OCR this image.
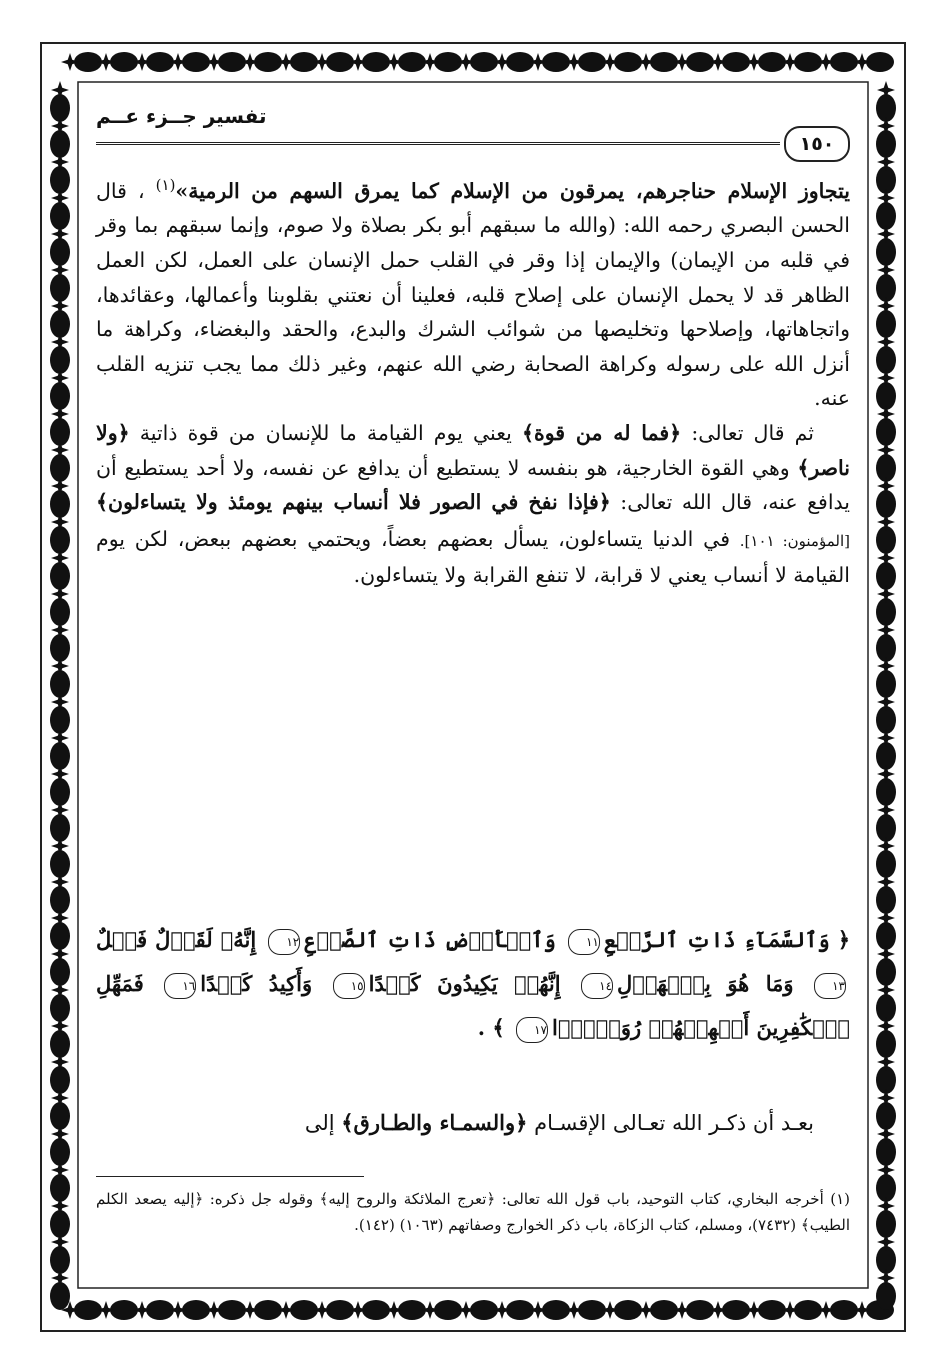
١٥٠
تفسير جــزء عــم

يتجاوز الإسلام حناجرهم، يمرقون من الإسلام كما يمرق السهم من الرمية»$^{(١)}$ ، قال الحسن البصري رحمه الله: (والله ما سبقهم أبو بكر بصلاة ولا صوم، وإنما سبقهم بما وقر في قلبه من الإيمان) والإيمان إذا وقر في القلب حمل الإنسان على العمل، لكن العمل الظاهر قد لا يحمل الإنسان على إصلاح قلبه، فعلينا أن نعتني بقلوبنا وأعمالها، وعقائدها، واتجاهاتها، وإصلاحها وتخليصها من شوائب الشرك والبدع، والحقد والبغضاء، وكراهة ما أنزل الله على رسوله وكراهة الصحابة رضي الله عنهم، وغير ذلك مما يجب تنزيه القلب عنه.

ثم قال تعالى: ﴿فما له من قوة﴾ يعني يوم القيامة ما للإنسان من قوة ذاتية ﴿ولا ناصر﴾ وهي القوة الخارجية، هو بنفسه لا يستطيع أن يدافع عن نفسه، ولا أحد يستطيع أن يدافع عنه، قال الله تعالى: ﴿فإذا نفخ في الصور فلا أنساب بينهم يومئذ ولا يتساءلون﴾ [المؤمنون: ١٠١]. في الدنيا يتساءلون، يسأل بعضهم بعضاً، ويحتمي بعضهم ببعض، لكن يوم القيامة لا أنساب يعني لا قرابة، لا تنفع القرابة ولا يتساءلون.

﴿ وَٱلسَّمَآءِ ذَاتِ ٱلرَّجۡعِ١١ وَٱلۡأَرۡضِ ذَاتِ ٱلصَّدۡعِ١٢ إِنَّهُۥ لَقَوۡلٌ فَصۡلٌ١٣ وَمَا هُوَ بِٱلۡهَزۡلِ١٤ إِنَّهُمۡ يَكِيدُونَ كَيۡدًا١٥ وَأَكِيدُ كَيۡدًا١٦ فَمَهِّلِ ٱلۡكَٰفِرِينَ أَمۡهِلۡهُمۡ رُوَيۡدَۢا١٧ ﴾ .
بعـد أن ذكـر الله تعـالى الإقسـام ﴿والسمـاء والطـارق﴾ إلى
(١) أخرجه البخاري، كتاب التوحيد، باب قول الله تعالى: ﴿تعرج الملائكة والروح إليه﴾ وقوله جل ذكره: ﴿إليه يصعد الكلم الطيب﴾ (٧٤٣٢)، ومسلم، كتاب الزكاة، باب ذكر الخوارج وصفاتهم (١٠٦٣) (١٤٢).
